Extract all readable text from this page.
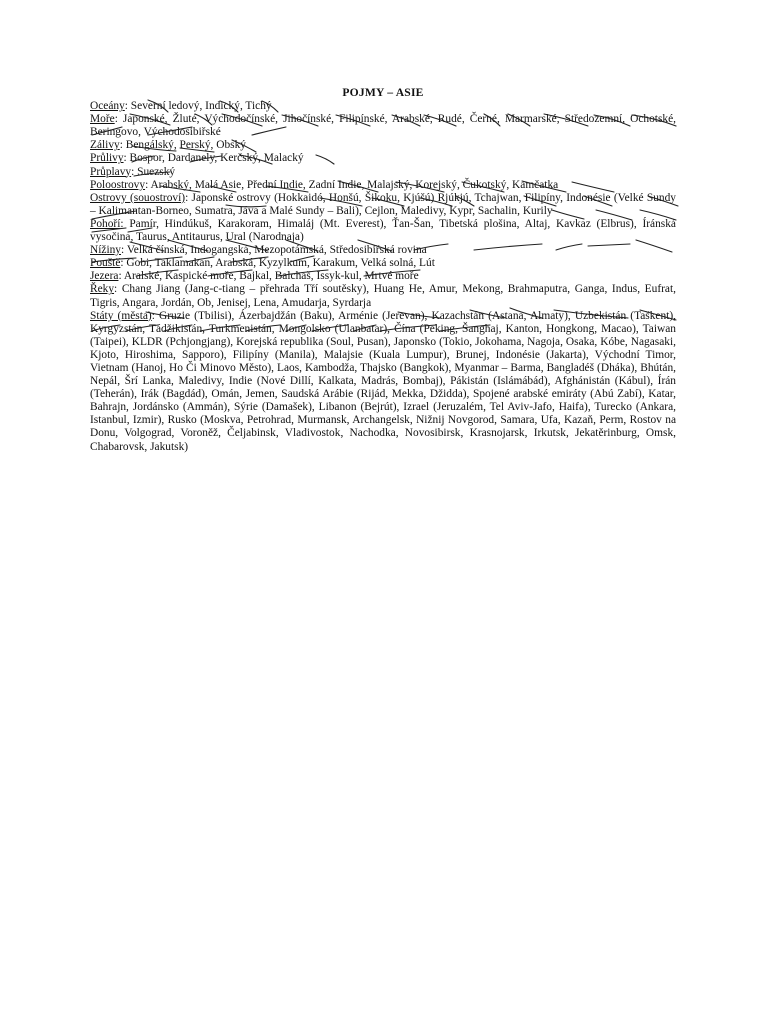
POJMY – ASIE

Oceány: Severní ledový, Indický, Tichý

Moře: Japonské, Žluté, Východočínské, Jihočínské, Filipínské, Arabské, Rudé, Černé, Marmarské, Středozemní, Ochotské, Beringovo, Východosibiřské

Zálivy: Bengálský, Perský, Obský

Průlivy: Bospor, Dardanely, Kerčský, Malacký

Průplavy: Suezský

Poloostrovy: Arabský, Malá Asie, Přední Indie, Zadní Indie, Malajský, Korejský, Čukotský, Kamčatka

Ostrovy (souostroví): Japonské ostrovy (Hokkaidó, Honšú, Šikoku, Kjúšú) Rjúkjú, Tchajwan, Filipíny, Indonésie (Velké Sundy – Kalimantan-Borneo, Sumatra, Jáva a Malé Sundy – Bali), Cejlon, Maledivy, Kypr, Sachalin, Kurily

Pohoří: Pamír, Hindúkuš, Karakoram, Himaláj (Mt. Everest), Ťan-Šan, Tibetská plošina, Altaj, Kavkaz (Elbrus), Íránská vysočina, Taurus, Antitaurus, Ural (Narodnaja)

Nížiny: Velká čínská, Indogangská, Mezopotámská, Středosibiřská rovina

Pouště: Gobi, Taklamakan, Arabská, Kyzylkum, Karakum, Velká solná, Lút

Jezera: Aralské, Kaspické moře, Bajkal, Balchaš, Issyk-kul, Mrtvé moře

Řeky: Chang Jiang (Jang-c-tiang – přehrada Tří soutěsky), Huang He, Amur, Mekong, Brahmaputra, Ganga, Indus, Eufrat, Tigris, Angara, Jordán, Ob, Jenisej, Lena, Amudarja, Syrdarja

Státy (města): Gruzie (Tbilisi), Ázerbajdžán (Baku), Arménie (Jerevan), Kazachstán (Astana, Almaty), Uzbekistán (Taškent), Kyrgyzstán, Tádžikistán, Turkmenistán, Mongolsko (Ulanbatar), Čína (Peking, Šanghaj, Kanton, Hongkong, Macao), Taiwan (Taipei), KLDR (Pchjongjang), Korejská republika (Soul, Pusan), Japonsko (Tokio, Jokohama, Nagoja, Osaka, Kóbe, Nagasaki, Kjoto, Hiroshima, Sapporo), Filipíny (Manila), Malajsie (Kuala Lumpur), Brunej, Indonésie (Jakarta), Východní Timor, Vietnam (Hanoj, Ho Či Minovo Město), Laos, Kambodža, Thajsko (Bangkok), Myanmar – Barma, Bangladéš (Dháka), Bhútán, Nepál, Šrí Lanka, Maledivy, Indie (Nové Dillí, Kalkata, Madrás, Bombaj), Pákistán (Islámábád), Afghánistán (Kábul), Írán (Teherán), Irák (Bagdád), Omán, Jemen, Saudská Arábie (Rijád, Mekka, Džidda), Spojené arabské emiráty (Abú Zabí), Katar, Bahrajn, Jordánsko (Ammán), Sýrie (Damašek), Libanon (Bejrút), Izrael (Jeruzalém, Tel Aviv-Jafo, Haifa), Turecko (Ankara, Istanbul, Izmir), Rusko (Moskva, Petrohrad, Murmansk, Archangelsk, Nižnij Novgorod, Samara, Ufa, Kazaň, Perm, Rostov na Donu, Volgograd, Voroněž, Čeljabinsk, Vladivostok, Nachodka, Novosibirsk, Krasnojarsk, Irkutsk, Jekatěrinburg, Omsk, Chabarovsk, Jakutsk)
